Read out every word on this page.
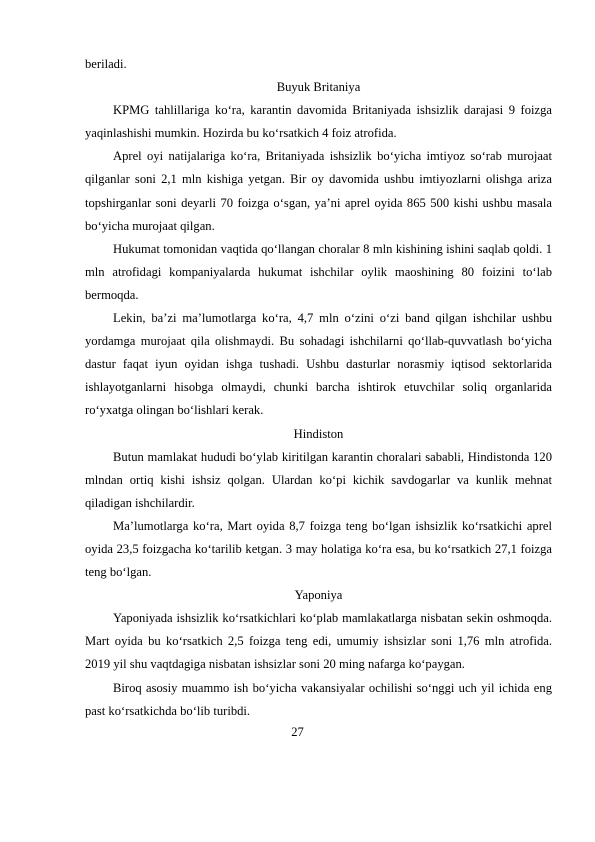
beriladi.

Buyuk Britaniya

KPMG tahlillariga ko‘ra, karantin davomida Britaniyada ishsizlik darajasi 9 foizga yaqinlashishi mumkin. Hozirda bu ko‘rsatkich 4 foiz atrofida.

Aprel oyi natijalariga ko‘ra, Britaniyada ishsizlik bo‘yicha imtiyoz so‘rab murojaat qilganlar soni 2,1 mln kishiga yetgan. Bir oy davomida ushbu imtiyozlarni olishga ariza topshirganlar soni deyarli 70 foizga o‘sgan, ya’ni aprel oyida 865 500 kishi ushbu masala bo‘yicha murojaat qilgan.

Hukumat tomonidan vaqtida qo‘llangan choralar 8 mln kishining ishini saqlab qoldi. 1 mln atrofidagi kompaniyalarda hukumat ishchilar oylik maoshining 80 foizini to‘lab bermoqda.

Lekin, ba’zi ma’lumotlarga ko‘ra, 4,7 mln o‘zini o‘zi band qilgan ishchilar ushbu yordamga murojaat qila olishmaydi. Bu sohadagi ishchilarni qo‘llab-quvvatlash bo‘yicha dastur faqat iyun oyidan ishga tushadi. Ushbu dasturlar norasmiy iqtisod sektorlarida ishlayotganlarni hisobga olmaydi, chunki barcha ishtirok etuvchilar soliq organlarida ro‘yxatga olingan bo‘lishlari kerak.

Hindiston

Butun mamlakat hududi bo‘ylab kiritilgan karantin choralari sababli, Hindistonda 120 mlndan ortiq kishi ishsiz qolgan. Ulardan ko‘pi kichik savdogarlar va kunlik mehnat qiladigan ishchilardir.

Ma’lumotlarga ko‘ra, Mart oyida 8,7 foizga teng bo‘lgan ishsizlik ko‘rsatkichi aprel oyida 23,5 foizgacha ko‘tarilib ketgan. 3 may holatiga ko‘ra esa, bu ko‘rsatkich 27,1 foizga teng bo‘lgan.

Yaponiya

Yaponiyada ishsizlik ko‘rsatkichlari ko‘plab mamlakatlarga nisbatan sekin oshmoqda. Mart oyida bu ko‘rsatkich 2,5 foizga teng edi, umumiy ishsizlar soni 1,76 mln atrofida. 2019 yil shu vaqtdagiga nisbatan ishsizlar soni 20 ming nafarga ko‘paygan.

Biroq asosiy muammo ish bo‘yicha vakansiyalar ochilishi so‘nggi uch yil ichida eng past ko‘rsatkichda bo‘lib turibdi.

27
